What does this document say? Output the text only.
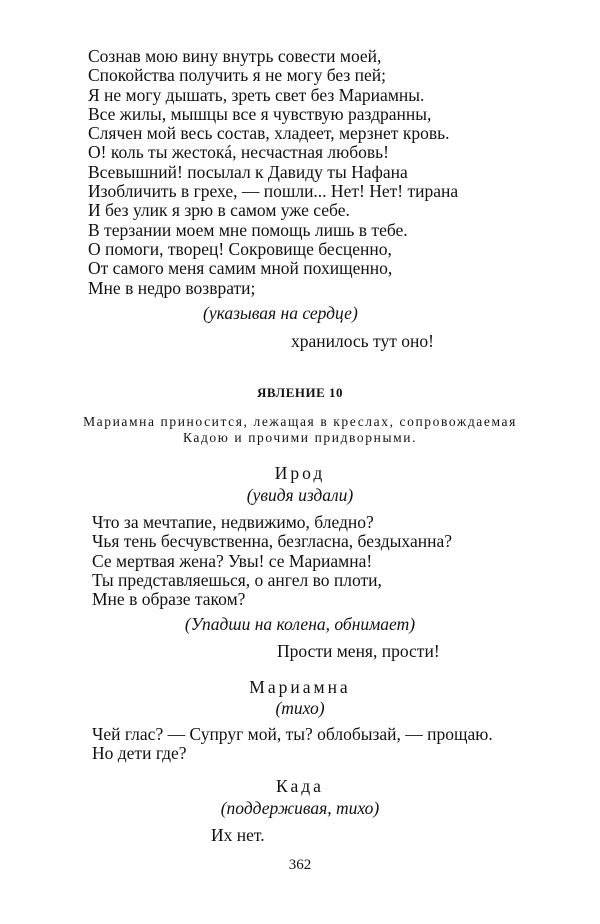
Сознав мою вину внутрь совести моей,
Спокойства получить я не могу без пей;
Я не могу дышать, зреть свет без Мариамны.
Все жилы, мышцы все я чувствую раздранны,
Слячен мой весь состав, хладеет, мерзнет кровь.
О! коль ты жестокá, несчастная любовь!
Всевышний! посылал к Давиду ты Нафана
Изобличить в грехе, — пошли... Нет! Нет! тирана
И без улик я зрю в самом уже себе.
В терзании моем мне помощь лишь в тебе.
О помоги, творец! Сокровище бесценно,
От самого меня самим мной похищенно,
Мне в недро возврати;

(указывая на сердце)

хранилось тут оно!

ЯВЛЕНИЕ 10

Мариамна приносится, лежащая в креслах, сопровождаемая Кадою и прочими придворными.

Ирод

(увидя издали)

Что за мечтапие, недвижимо, бледно?
Чья тень бесчувственна, безгласна, бездыханна?
Се мертвая жена? Увы! се Мариамна!
Ты представляешься, о ангел во плоти,
Мне в образе таком?

(Упадши на колена, обнимает)

Прости меня, прости!

Мариамна

(тихо)

Чей глас? — Супруг мой, ты? облобызай, — прощаю.
Но дети где?

Када

(поддерживая, тихо)

Их нет.

362
